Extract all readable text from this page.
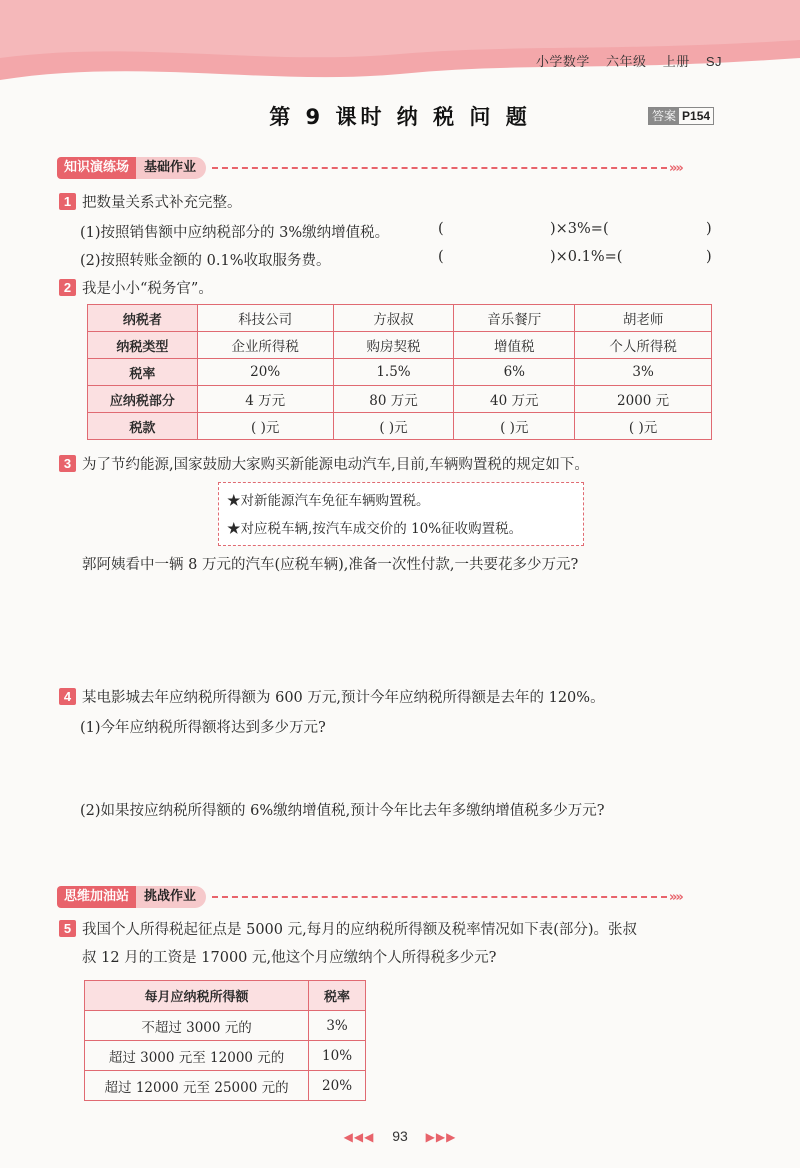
小学数学 六年级 上册 SJ
第 9 课时 纳 税 问 题	答案 P154
知识演练场	基础作业	»»
1 把数量关系式补充完整。
(1)按照销售额中应纳税部分的 3%缴纳增值税。	(	)×3%=(	)
(2)按照转账金额的 0.1%收取服务费。	(	)×0.1%=(	)
2 我是小小“税务官”。
纳税者	科技公司	方叔叔	音乐餐厅	胡老师
纳税类型	企业所得税	购房契税	增值税	个人所得税
税率	20%	1.5%	6%	3%
应纳税部分	4 万元	80 万元	40 万元	2000 元
税款	( )元	( )元	( )元	( )元
3 为了节约能源,国家鼓励大家购买新能源电动汽车,目前,车辆购置税的规定如下。
★对新能源汽车免征车辆购置税。
★对应税车辆,按汽车成交价的 10%征收购置税。
郭阿姨看中一辆 8 万元的汽车(应税车辆),准备一次性付款,一共要花多少万元?
4 某电影城去年应纳税所得额为 600 万元,预计今年应纳税所得额是去年的 120%。
(1)今年应纳税所得额将达到多少万元?
(2)如果按应纳税所得额的 6%缴纳增值税,预计今年比去年多缴纳增值税多少万元?
思维加油站	挑战作业	»»
5 我国个人所得税起征点是 5000 元,每月的应纳税所得额及税率情况如下表(部分)。张叔
叔 12 月的工资是 17000 元,他这个月应缴纳个人所得税多少元?
每月应纳税所得额	税率
不超过 3000 元的	3%
超过 3000 元至 12000 元的	10%
超过 12000 元至 25000 元的	20%
◀◀◀ 93 ▶▶▶
